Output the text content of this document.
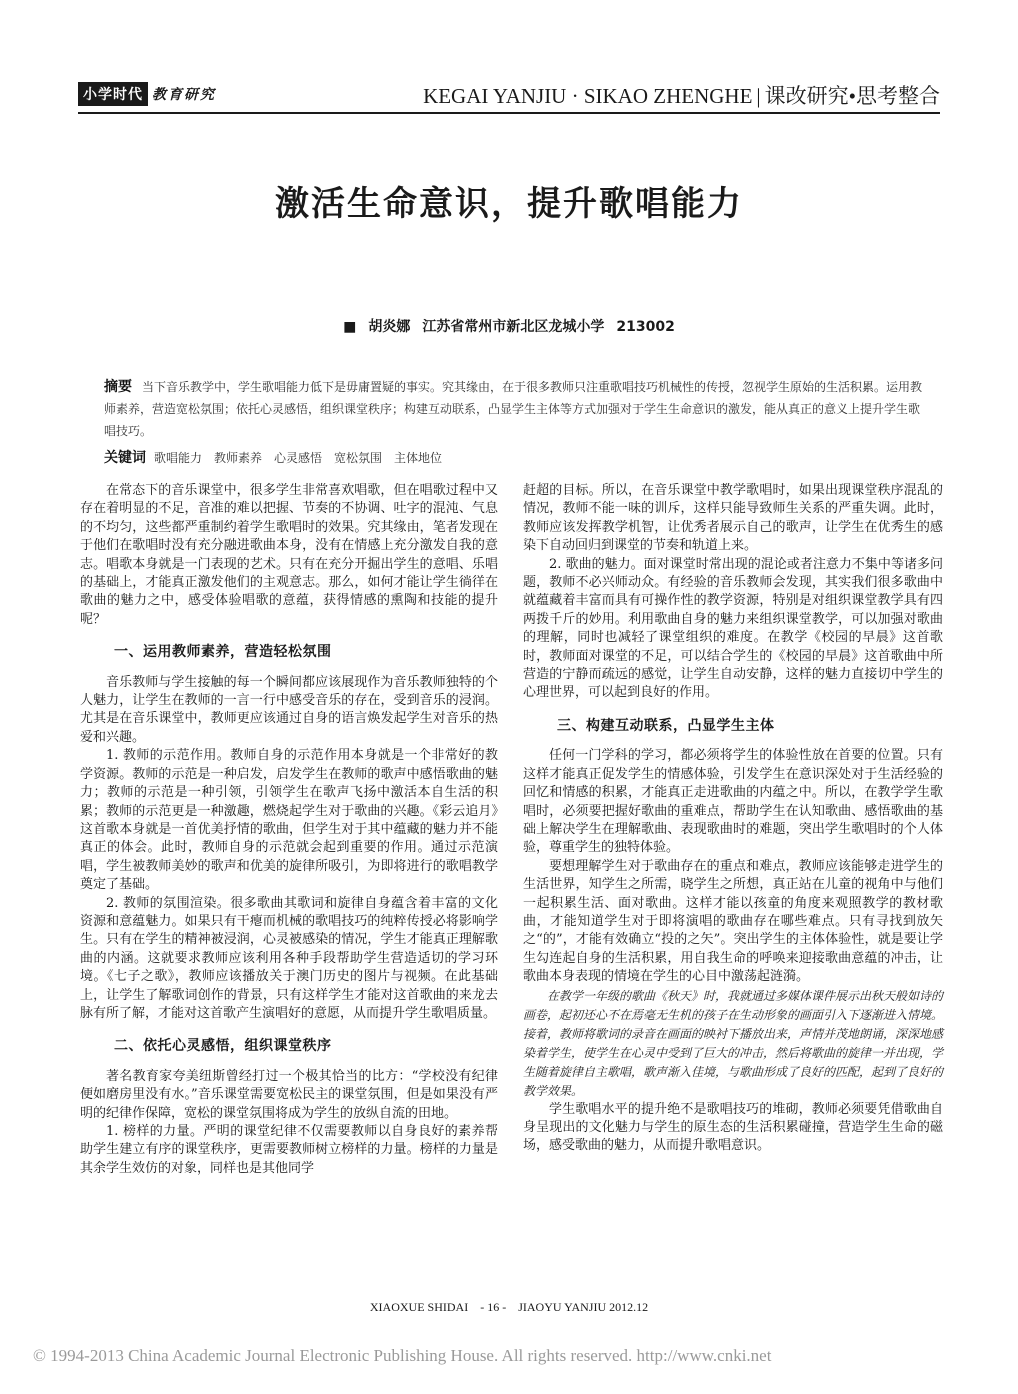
小学时代 教育研究	KEGAI YANJIU · SIKAO ZHENGHE | 课改研究•思考整合
激活生命意识，提升歌唱能力
■ 胡炎娜 江苏省常州市新北区龙城小学 213002
摘要 当下音乐教学中，学生歌唱能力低下是毋庸置疑的事实。究其缘由，在于很多教师只注重歌唱技巧机械性的传授，忽视学生原始的生活积累。运用教师素养，营造宽松氛围；依托心灵感悟，组织课堂秩序；构建互动联系，凸显学生主体等方式加强对于学生生命意识的激发，能从真正的意义上提升学生歌唱技巧。
关键词 歌唱能力　教师素养　心灵感悟　宽松氛围　主体地位

在常态下的音乐课堂中，很多学生非常喜欢唱歌，但在唱歌过程中又存在着明显的不足，音准的难以把握、节奏的不协调、吐字的混沌、气息的不均匀，这些都严重制约着学生歌唱时的效果。究其缘由，笔者发现在于他们在歌唱时没有充分融进歌曲本身，没有在情感上充分激发自我的意志。唱歌本身就是一门表现的艺术。只有在充分开掘出学生的意唱、乐唱的基础上，才能真正激发他们的主观意志。那么，如何才能让学生徜徉在歌曲的魅力之中，感受体验唱歌的意蕴，获得情感的熏陶和技能的提升呢？

一、运用教师素养，营造轻松氛围

音乐教师与学生接触的每一个瞬间都应该展现作为音乐教师独特的个人魅力，让学生在教师的一言一行中感受音乐的存在，受到音乐的浸润。尤其是在音乐课堂中，教师更应该通过自身的语言焕发起学生对音乐的热爱和兴趣。

1. 教师的示范作用。教师自身的示范作用本身就是一个非常好的教学资源。教师的示范是一种启发，启发学生在教师的歌声中感悟歌曲的魅力；教师的示范是一种引领，引领学生在歌声飞扬中激活本自生活的积累；教师的示范更是一种激趣，燃烧起学生对于歌曲的兴趣。《彩云追月》这首歌本身就是一首优美抒情的歌曲，但学生对于其中蕴藏的魅力并不能真正的体会。此时，教师自身的示范就会起到重要的作用。通过示范演唱，学生被教师美妙的歌声和优美的旋律所吸引，为即将进行的歌唱教学奠定了基础。

2. 教师的氛围渲染。很多歌曲其歌词和旋律自身蕴含着丰富的文化资源和意蕴魅力。如果只有干瘪而机械的歌唱技巧的纯粹传授必将影响学生。只有在学生的精神被浸润，心灵被感染的情况，学生才能真正理解歌曲的内涵。这就要求教师应该利用各种手段帮助学生营造适切的学习环境。《七子之歌》，教师应该播放关于澳门历史的图片与视频。在此基础上，让学生了解歌词创作的背景，只有这样学生才能对这首歌曲的来龙去脉有所了解，才能对这首歌产生演唱好的意愿，从而提升学生歌唱质量。

二、依托心灵感悟，组织课堂秩序

著名教育家夸美纽斯曾经打过一个极其恰当的比方：“学校没有纪律便如磨房里没有水。”音乐课堂需要宽松民主的课堂氛围，但是如果没有严明的纪律作保障，宽松的课堂氛围将成为学生的放纵自流的田地。

1. 榜样的力量。严明的课堂纪律不仅需要教师以自身良好的素养帮助学生建立有序的课堂秩序，更需要教师树立榜样的力量。榜样的力量是其余学生效仿的对象，同样也是其他同学

赶超的目标。所以，在音乐课堂中教学歌唱时，如果出现课堂秩序混乱的情况，教师不能一味的训斥，这样只能导致师生关系的严重失调。此时，教师应该发挥教学机智，让优秀者展示自己的歌声，让学生在优秀生的感染下自动回归到课堂的节奏和轨道上来。

2. 歌曲的魅力。面对课堂时常出现的混论或者注意力不集中等诸多问题，教师不必兴师动众。有经验的音乐教师会发现，其实我们很多歌曲中就蕴藏着丰富而具有可操作性的教学资源，特别是对组织课堂教学具有四两拨千斤的妙用。利用歌曲自身的魅力来组织课堂教学，可以加强对歌曲的理解，同时也减轻了课堂组织的难度。在教学《校园的早晨》这首歌时，教师面对课堂的不足，可以结合学生的《校园的早晨》这首歌曲中所营造的宁静而疏远的感觉，让学生自动安静，这样的魅力直接切中学生的心理世界，可以起到良好的作用。

三、构建互动联系，凸显学生主体

任何一门学科的学习，都必须将学生的体验性放在首要的位置。只有这样才能真正促发学生的情感体验，引发学生在意识深处对于生活经验的回忆和情感的积累，才能真正走进歌曲的内蕴之中。所以，在教学学生歌唱时，必须要把握好歌曲的重难点，帮助学生在认知歌曲、感悟歌曲的基础上解决学生在理解歌曲、表现歌曲时的难题，突出学生歌唱时的个人体验，尊重学生的独特体验。

要想理解学生对于歌曲存在的重点和难点，教师应该能够走进学生的生活世界，知学生之所需，晓学生之所想，真正站在儿童的视角中与他们一起积累生活、面对歌曲。这样才能以孩童的角度来观照教学的教材歌曲，才能知道学生对于即将演唱的歌曲存在哪些难点。只有寻找到放矢之“的”，才能有效确立“投的之矢”。突出学生的主体体验性，就是要让学生勾连起自身的生活积累，用自我生命的呼唤来迎接歌曲意蕴的冲击，让歌曲本身表现的情境在学生的心目中激荡起涟漪。

在教学一年级的歌曲《秋天》时，我就通过多媒体课件展示出秋天般如诗的画卷，起初还心不在焉毫无生机的孩子在生动形象的画面引入下逐渐进入情境。接着，教师将歌词的录音在画面的映衬下播放出来，声情并茂地朗诵，深深地感染着学生，使学生在心灵中受到了巨大的冲击，然后将歌曲的旋律一并出现，学生随着旋律自主歌唱，歌声渐入佳境，与歌曲形成了良好的匹配，起到了良好的教学效果。

学生歌唱水平的提升绝不是歌唱技巧的堆砌，教师必须要凭借歌曲自身呈现出的文化魅力与学生的原生态的生活积累碰撞，营造学生生命的磁场，感受歌曲的魅力，从而提升歌唱意识。

XIAOXUE SHIDAI - 16 - JIAOYU YANJIU 2012.12
© 1994-2013 China Academic Journal Electronic Publishing House. All rights reserved. http://www.cnki.net
